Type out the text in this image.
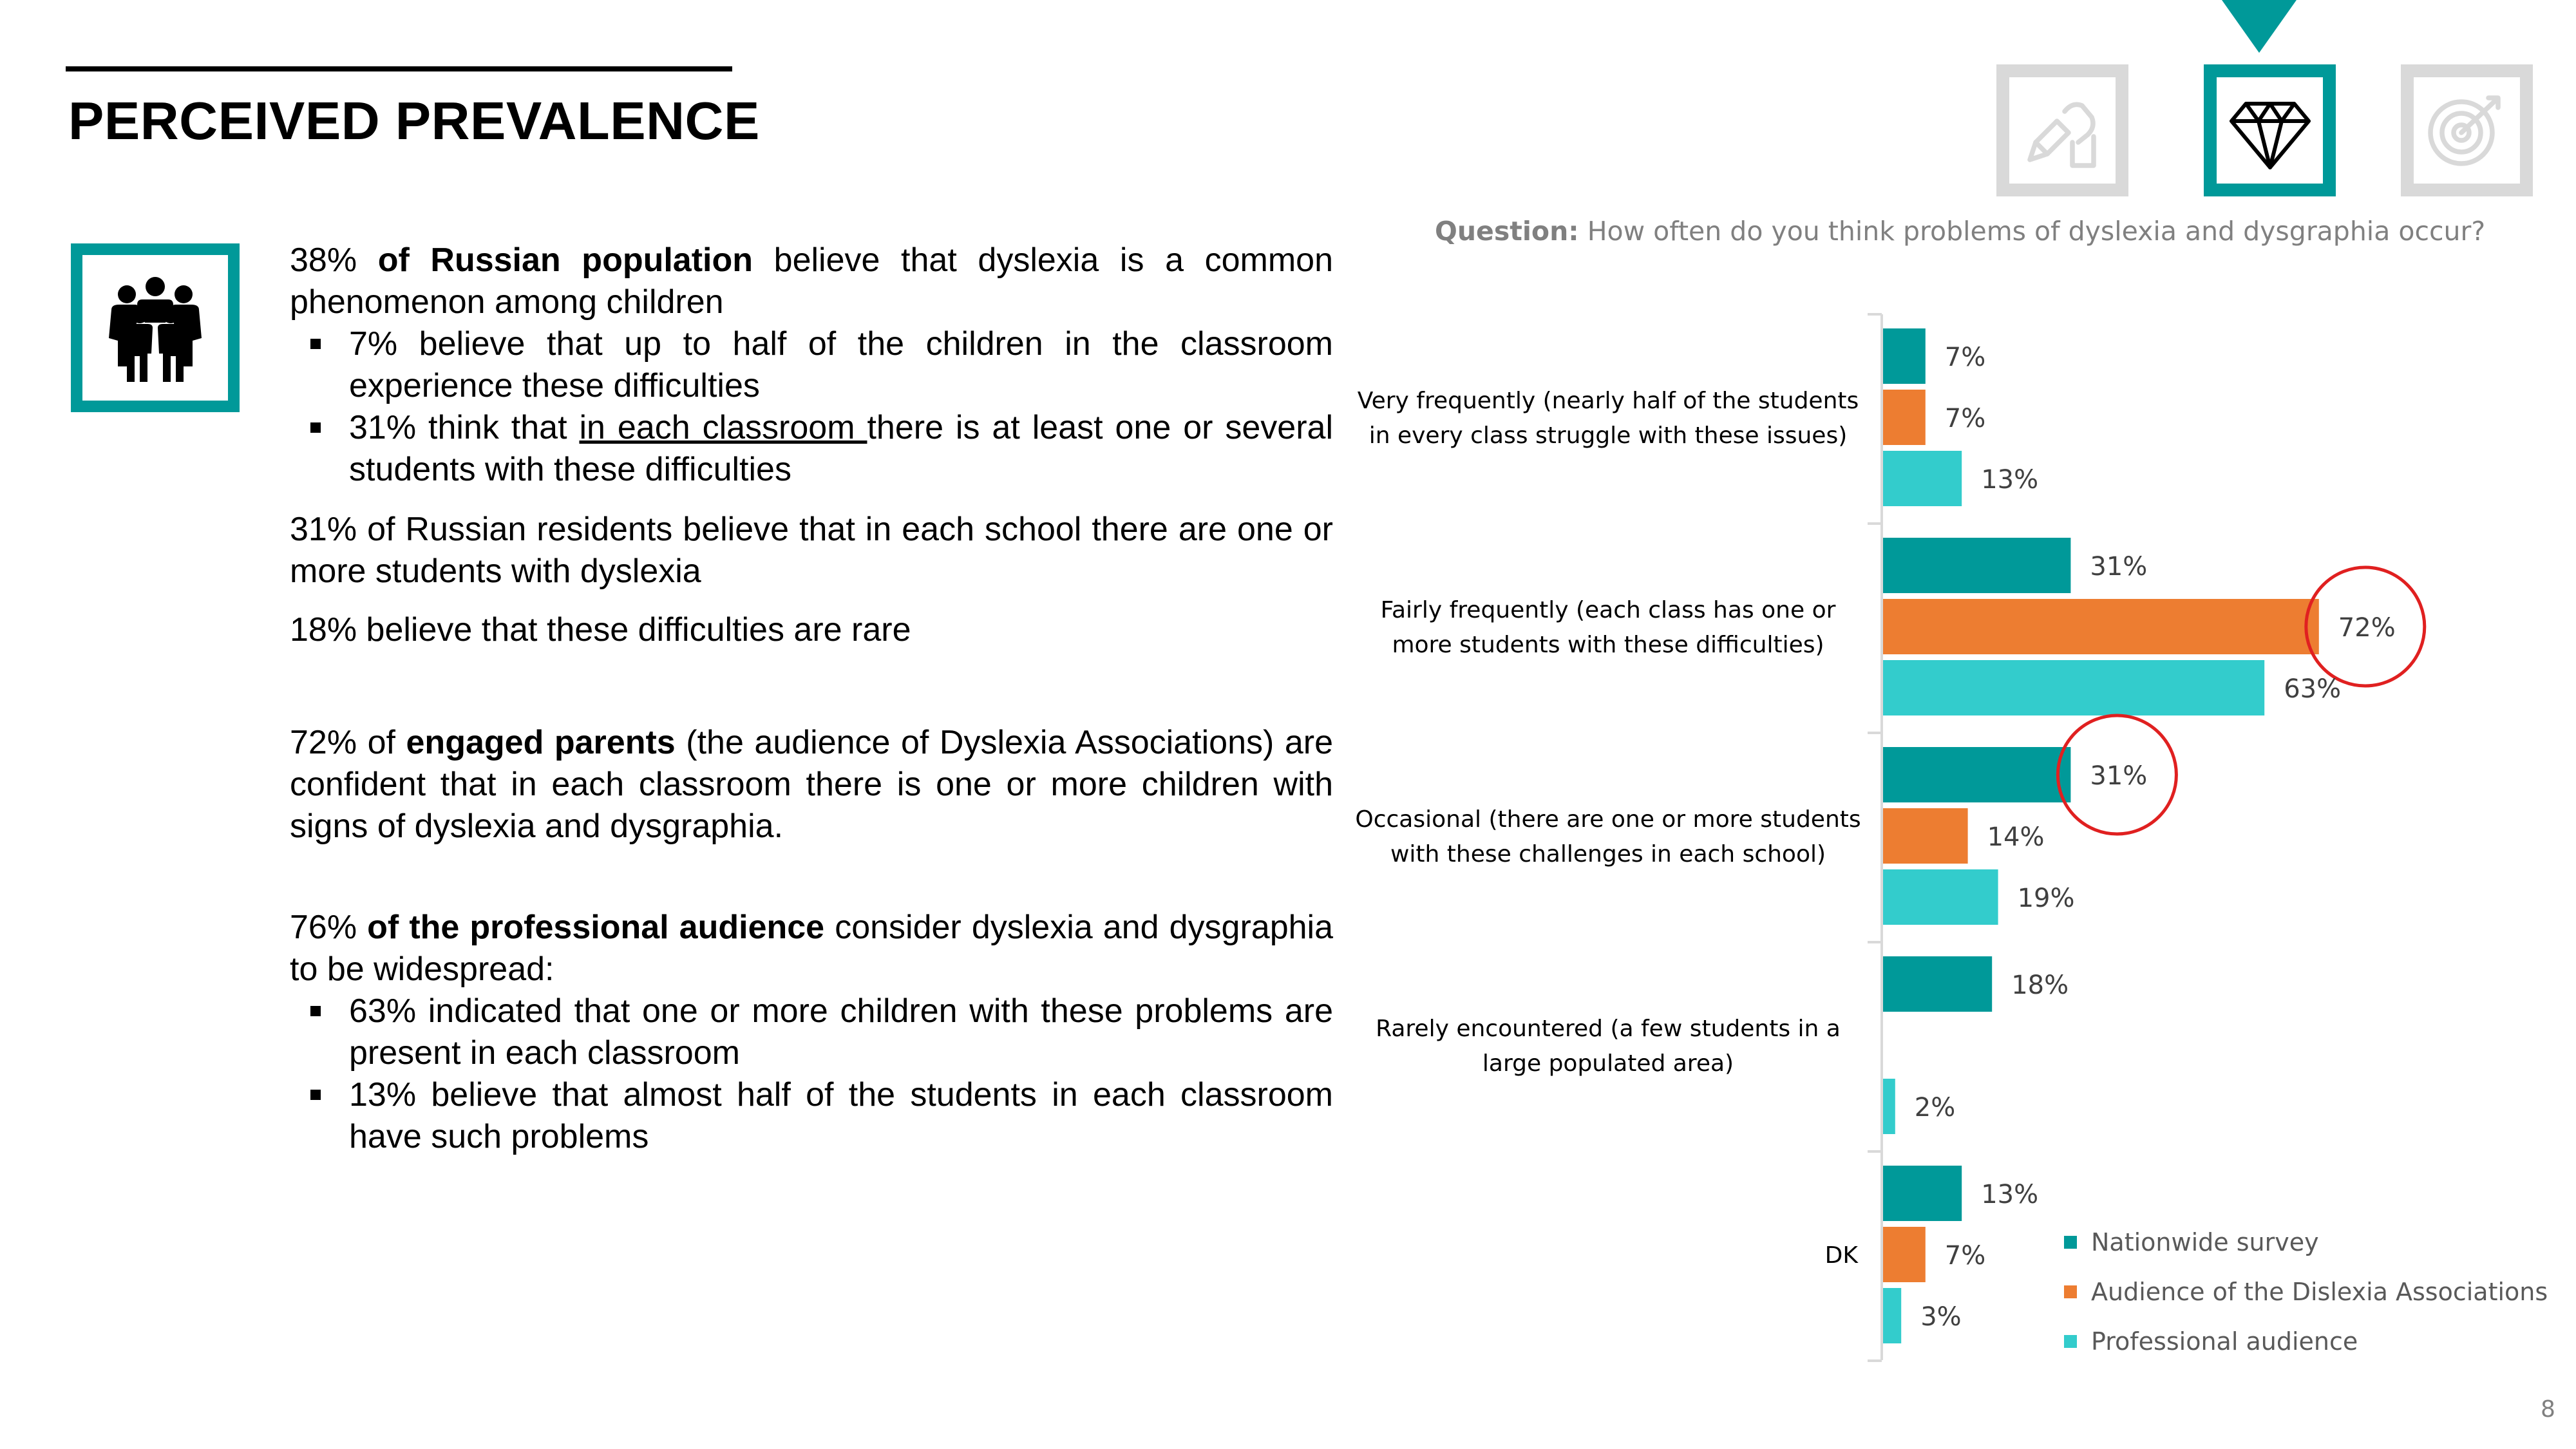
PERCEIVED PREVALENCE

38% of Russian population believe that dyslexia is a common phenomenon among children

7% believe that up to half of the children in the classroom experience these difficulties
31% think that in each classroom there is at least one or several students with these difficulties

31% of Russian residents believe that in each school there are one or more students with dyslexia

18% believe that these difficulties are rare

72% of engaged parents (the audience of Dyslexia Associations) are confident that in each classroom there is one or more children with signs of dyslexia and dysgraphia.

76% of the professional audience consider dyslexia and dysgraphia to be widespread:

63% indicated that one or more children with these problems are present in each classroom
13% believe that almost half of the students in each classroom have such problems
Question: How often do you think problems of dyslexia and dysgraphia occur?
Very frequently (nearly half of the students
in every class struggle with these issues)
7%
7%
13%
Fairly frequently (each class has one or
more students with these difficulties)
31%
72%
63%
Occasional (there are one or more students
with these challenges in each school)
31%
14%
19%
Rarely encountered (a few students in a
large populated area)
18%
2%
DK
13%
7%
3%
Nationwide survey
Audience of the Dislexia Associations
Professional audience
8
